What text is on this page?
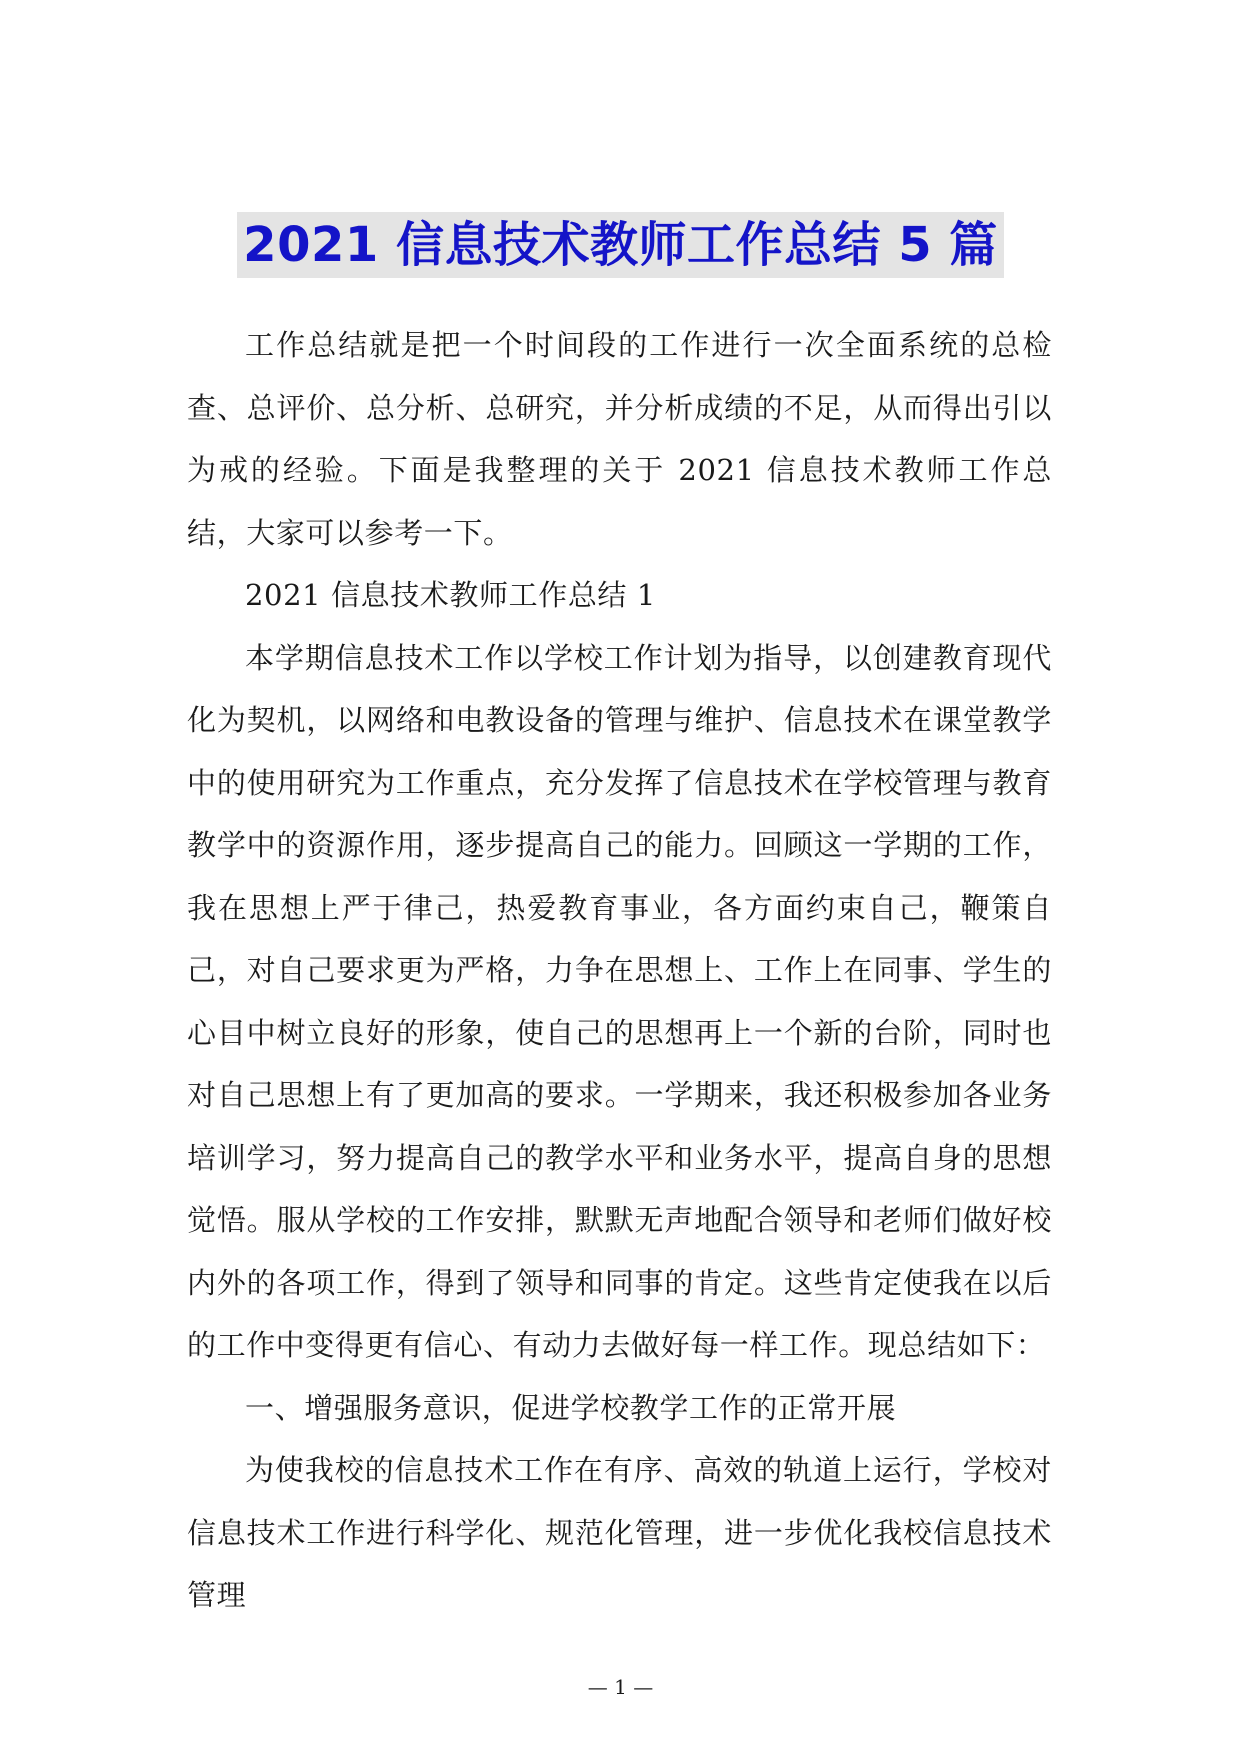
2021 信息技术教师工作总结 5 篇

工作总结就是把一个时间段的工作进行一次全面系统的总检查、总评价、总分析、总研究，并分析成绩的不足，从而得出引以为戒的经验。下面是我整理的关于 2021 信息技术教师工作总结，大家可以参考一下。

2021 信息技术教师工作总结 1

本学期信息技术工作以学校工作计划为指导，以创建教育现代化为契机，以网络和电教设备的管理与维护、信息技术在课堂教学中的使用研究为工作重点，充分发挥了信息技术在学校管理与教育教学中的资源作用，逐步提高自己的能力。回顾这一学期的工作，我在思想上严于律己，热爱教育事业，各方面约束自己，鞭策自己，对自己要求更为严格，力争在思想上、工作上在同事、学生的心目中树立良好的形象，使自己的思想再上一个新的台阶，同时也对自己思想上有了更加高的要求。一学期来，我还积极参加各业务培训学习，努力提高自己的教学水平和业务水平，提高自身的思想觉悟。服从学校的工作安排，默默无声地配合领导和老师们做好校内外的各项工作，得到了领导和同事的肯定。这些肯定使我在以后的工作中变得更有信心、有动力去做好每一样工作。现总结如下：

一、增强服务意识，促进学校教学工作的正常开展

为使我校的信息技术工作在有序、高效的轨道上运行，学校对信息技术工作进行科学化、规范化管理，进一步优化我校信息技术管理

— 1 —
